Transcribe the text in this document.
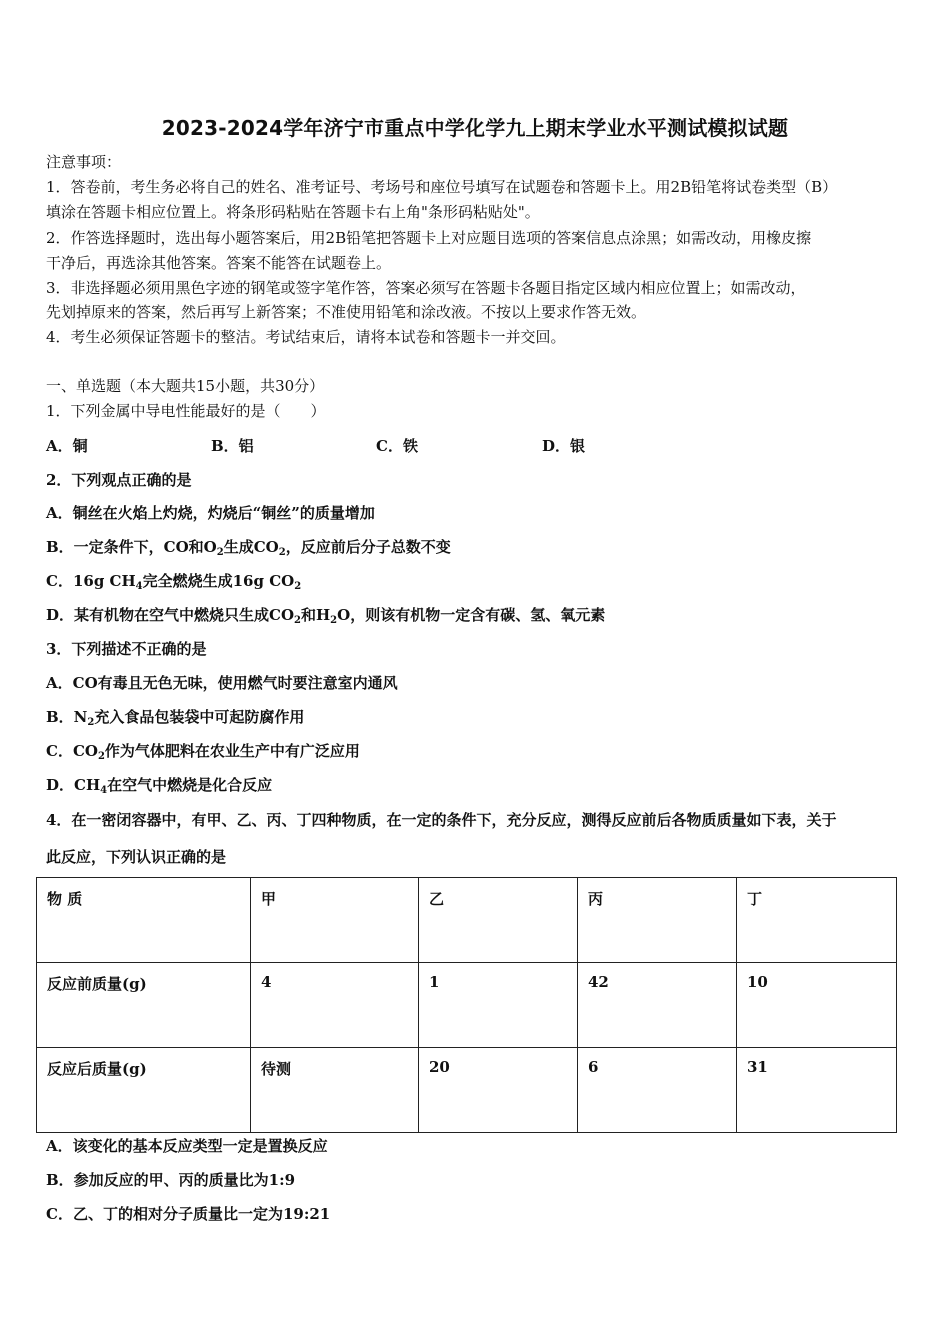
2023-2024学年济宁市重点中学化学九上期末学业水平测试模拟试题
注意事项：
1．答卷前，考生务必将自己的姓名、准考证号、考场号和座位号填写在试题卷和答题卡上。用2B铅笔将试卷类型（B）
填涂在答题卡相应位置上。将条形码粘贴在答题卡右上角"条形码粘贴处"。
2．作答选择题时，选出每小题答案后，用2B铅笔把答题卡上对应题目选项的答案信息点涂黑；如需改动，用橡皮擦
干净后，再选涂其他答案。答案不能答在试题卷上。
3．非选择题必须用黑色字迹的钢笔或签字笔作答，答案必须写在答题卡各题目指定区域内相应位置上；如需改动，
先划掉原来的答案，然后再写上新答案；不准使用铅笔和涂改液。不按以上要求作答无效。
4．考生必须保证答题卡的整洁。考试结束后，请将本试卷和答题卡一并交回。
一、单选题（本大题共15小题，共30分）
1．下列金属中导电性能最好的是（　　）
A．铜	B．铝	C．铁	D．银
2．下列观点正确的是
A．铜丝在火焰上灼烧，灼烧后“铜丝”的质量增加
B．一定条件下，CO和$O_2$生成$CO_2$，反应前后分子总数不变
C．16g $CH_4$完全燃烧生成16g $CO_2$
D．某有机物在空气中燃烧只生成$CO_2$和$H_2O$，则该有机物一定含有碳、氢、氧元素
3．下列描述不正确的是
A．CO有毒且无色无味，使用燃气时要注意室内通风
B．$N_2$充入食品包装袋中可起防腐作用
C．$CO_2$作为气体肥料在农业生产中有广泛应用
D．$CH_4$在空气中燃烧是化合反应
4．在一密闭容器中，有甲、乙、丙、丁四种物质，在一定的条件下，充分反应，测得反应前后各物质质量如下表，关于
此反应，下列认识正确的是
物 质	甲	乙	丙	丁
反应前质量(g)	4	1	42	10
反应后质量(g)	待测	20	6	31
A．该变化的基本反应类型一定是置换反应
B．参加反应的甲、丙的质量比为1:9
C．乙、丁的相对分子质量比一定为19:21
